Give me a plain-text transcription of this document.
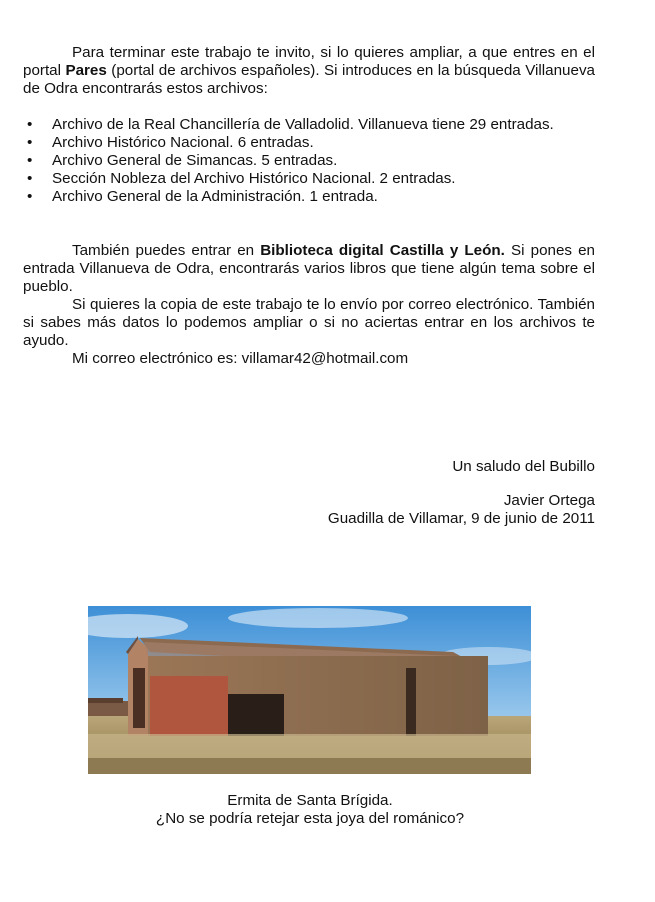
Para terminar este trabajo te invito, si lo quieres ampliar, a que entres en el portal Pares (portal de archivos españoles). Si introduces en la búsqueda Villanueva de Odra encontrarás estos archivos:

• Archivo de la Real Chancillería de Valladolid. Villanueva tiene 29 entradas.
• Archivo Histórico Nacional. 6 entradas.
• Archivo General de Simancas. 5 entradas.
• Sección Nobleza del Archivo Histórico Nacional. 2 entradas.
• Archivo General de la Administración. 1 entrada.

También puedes entrar en Biblioteca digital Castilla y León. Si pones en entrada Villanueva de Odra, encontrarás varios libros que tiene algún tema sobre el pueblo.

Si quieres la copia de este trabajo te lo envío por correo electrónico. También si sabes más datos lo podemos ampliar o si no aciertas entrar en los archivos te ayudo.

Mi correo electrónico es: villamar42@hotmail.com

Un saludo del Bubillo
Javier Ortega
Guadilla de Villamar, 9 de junio de 2011
Ermita de Santa Brígida.
¿No se podría retejar esta joya del románico?
